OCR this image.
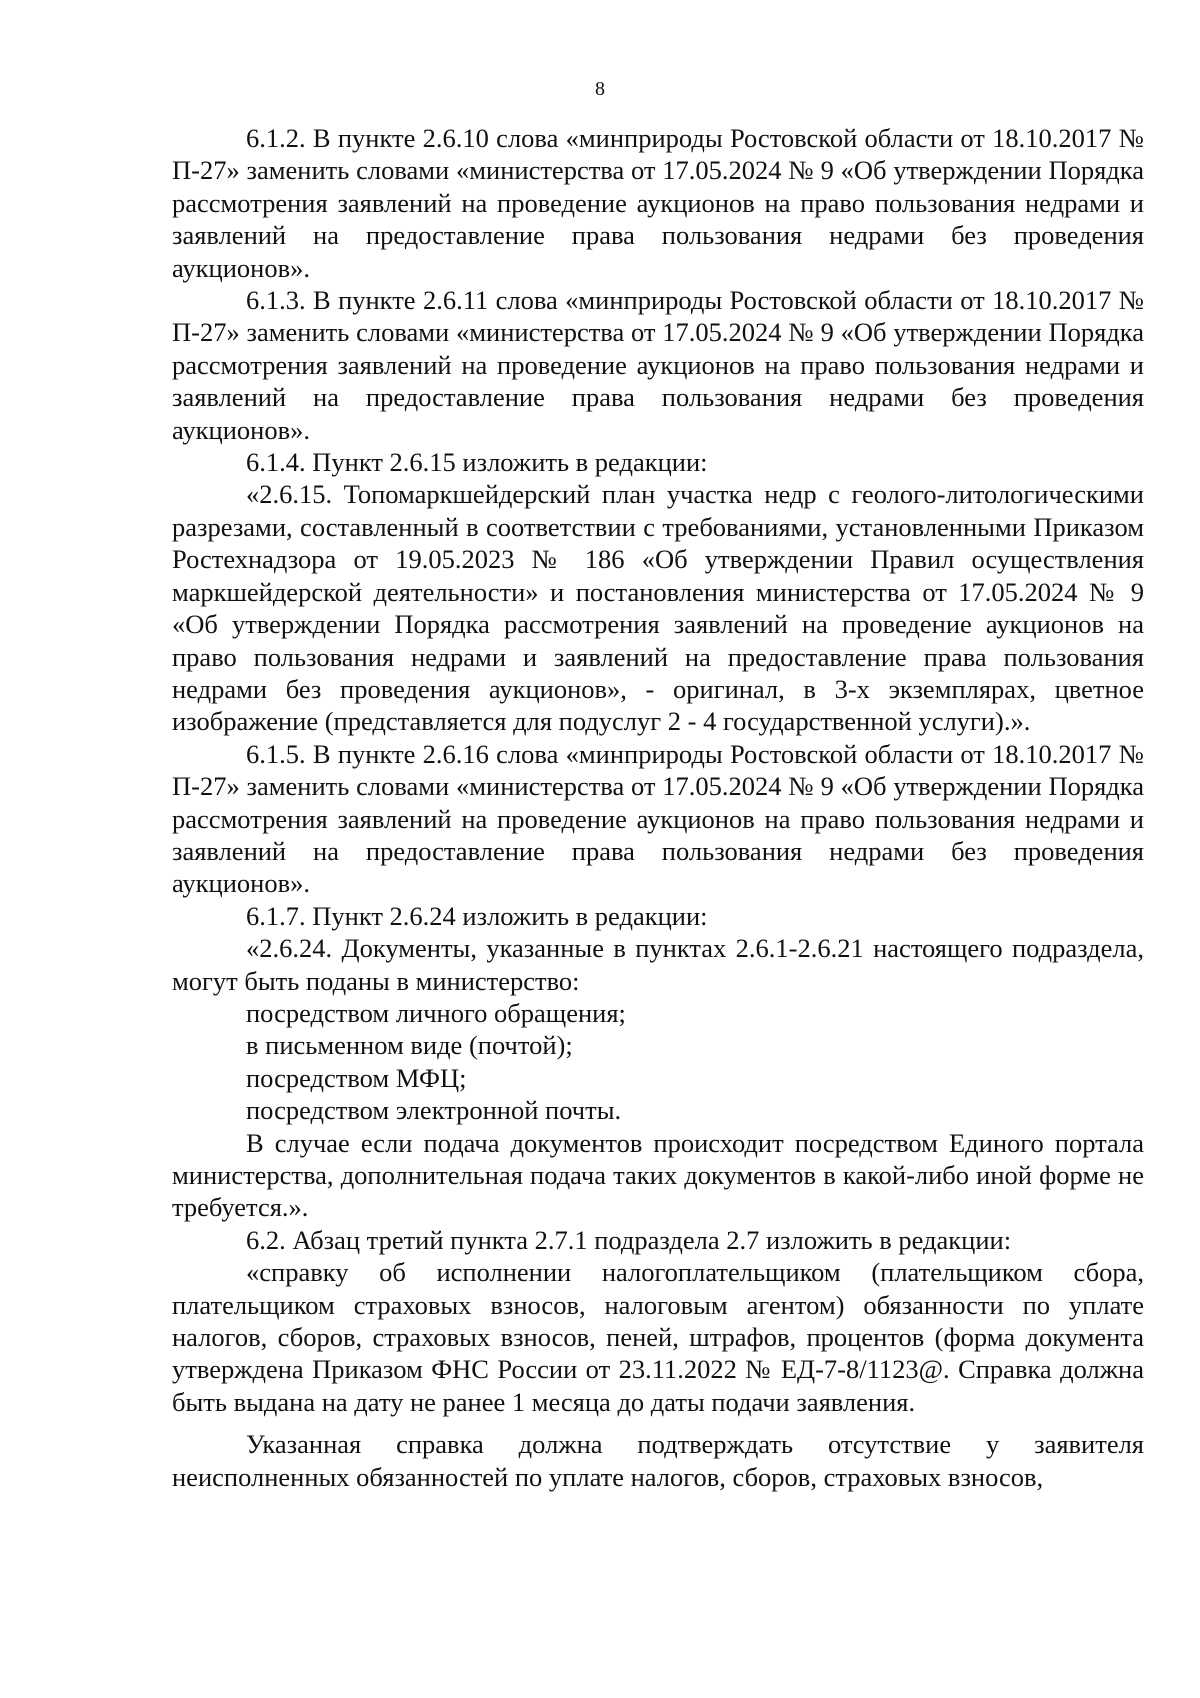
8

6.1.2. В пункте 2.6.10 слова «минприроды Ростовской области от 18.10.2017 № П-27» заменить словами «министерства от 17.05.2024 № 9 «Об утверждении Порядка рассмотрения заявлений на проведение аукционов на право пользования недрами и заявлений на предоставление права пользования недрами без проведения аукционов».

6.1.3. В пункте 2.6.11 слова «минприроды Ростовской области от 18.10.2017 № П-27» заменить словами «министерства от 17.05.2024 № 9 «Об утверждении Порядка рассмотрения заявлений на проведение аукционов на право пользования недрами и заявлений на предоставление права пользования недрами без проведения аукционов».

6.1.4. Пункт 2.6.15 изложить в редакции:

«2.6.15. Топомаркшейдерский план участка недр с геолого-литологическими разрезами, составленный в соответствии с требованиями, установленными Приказом Ростехнадзора от 19.05.2023 № 186 «Об утверждении Правил осуществления маркшейдерской деятельности» и постановления министерства от 17.05.2024 № 9 «Об утверждении Порядка рассмотрения заявлений на проведение аукционов на право пользования недрами и заявлений на предоставление права пользования недрами без проведения аукционов», - оригинал, в 3-х экземплярах, цветное изображение (представляется для подуслуг 2 - 4 государственной услуги).».

6.1.5. В пункте 2.6.16 слова «минприроды Ростовской области от 18.10.2017 № П-27» заменить словами «министерства от 17.05.2024 № 9 «Об утверждении Порядка рассмотрения заявлений на проведение аукционов на право пользования недрами и заявлений на предоставление права пользования недрами без проведения аукционов».

6.1.7. Пункт 2.6.24 изложить в редакции:

«2.6.24. Документы, указанные в пунктах 2.6.1-2.6.21 настоящего подраздела, могут быть поданы в министерство:

посредством личного обращения;

в письменном виде (почтой);

посредством МФЦ;

посредством электронной почты.

В случае если подача документов происходит посредством Единого портала министерства, дополнительная подача таких документов в какой-либо иной форме не требуется.».

6.2. Абзац третий пункта 2.7.1 подраздела 2.7 изложить в редакции:

«справку об исполнении налогоплательщиком (плательщиком сбора, плательщиком страховых взносов, налоговым агентом) обязанности по уплате налогов, сборов, страховых взносов, пеней, штрафов, процентов (форма документа утверждена Приказом ФНС России от 23.11.2022 № ЕД-7-8/1123@. Справка должна быть выдана на дату не ранее 1 месяца до даты подачи заявления.

Указанная справка должна подтверждать отсутствие у заявителя неисполненных обязанностей по уплате налогов, сборов, страховых взносов,
